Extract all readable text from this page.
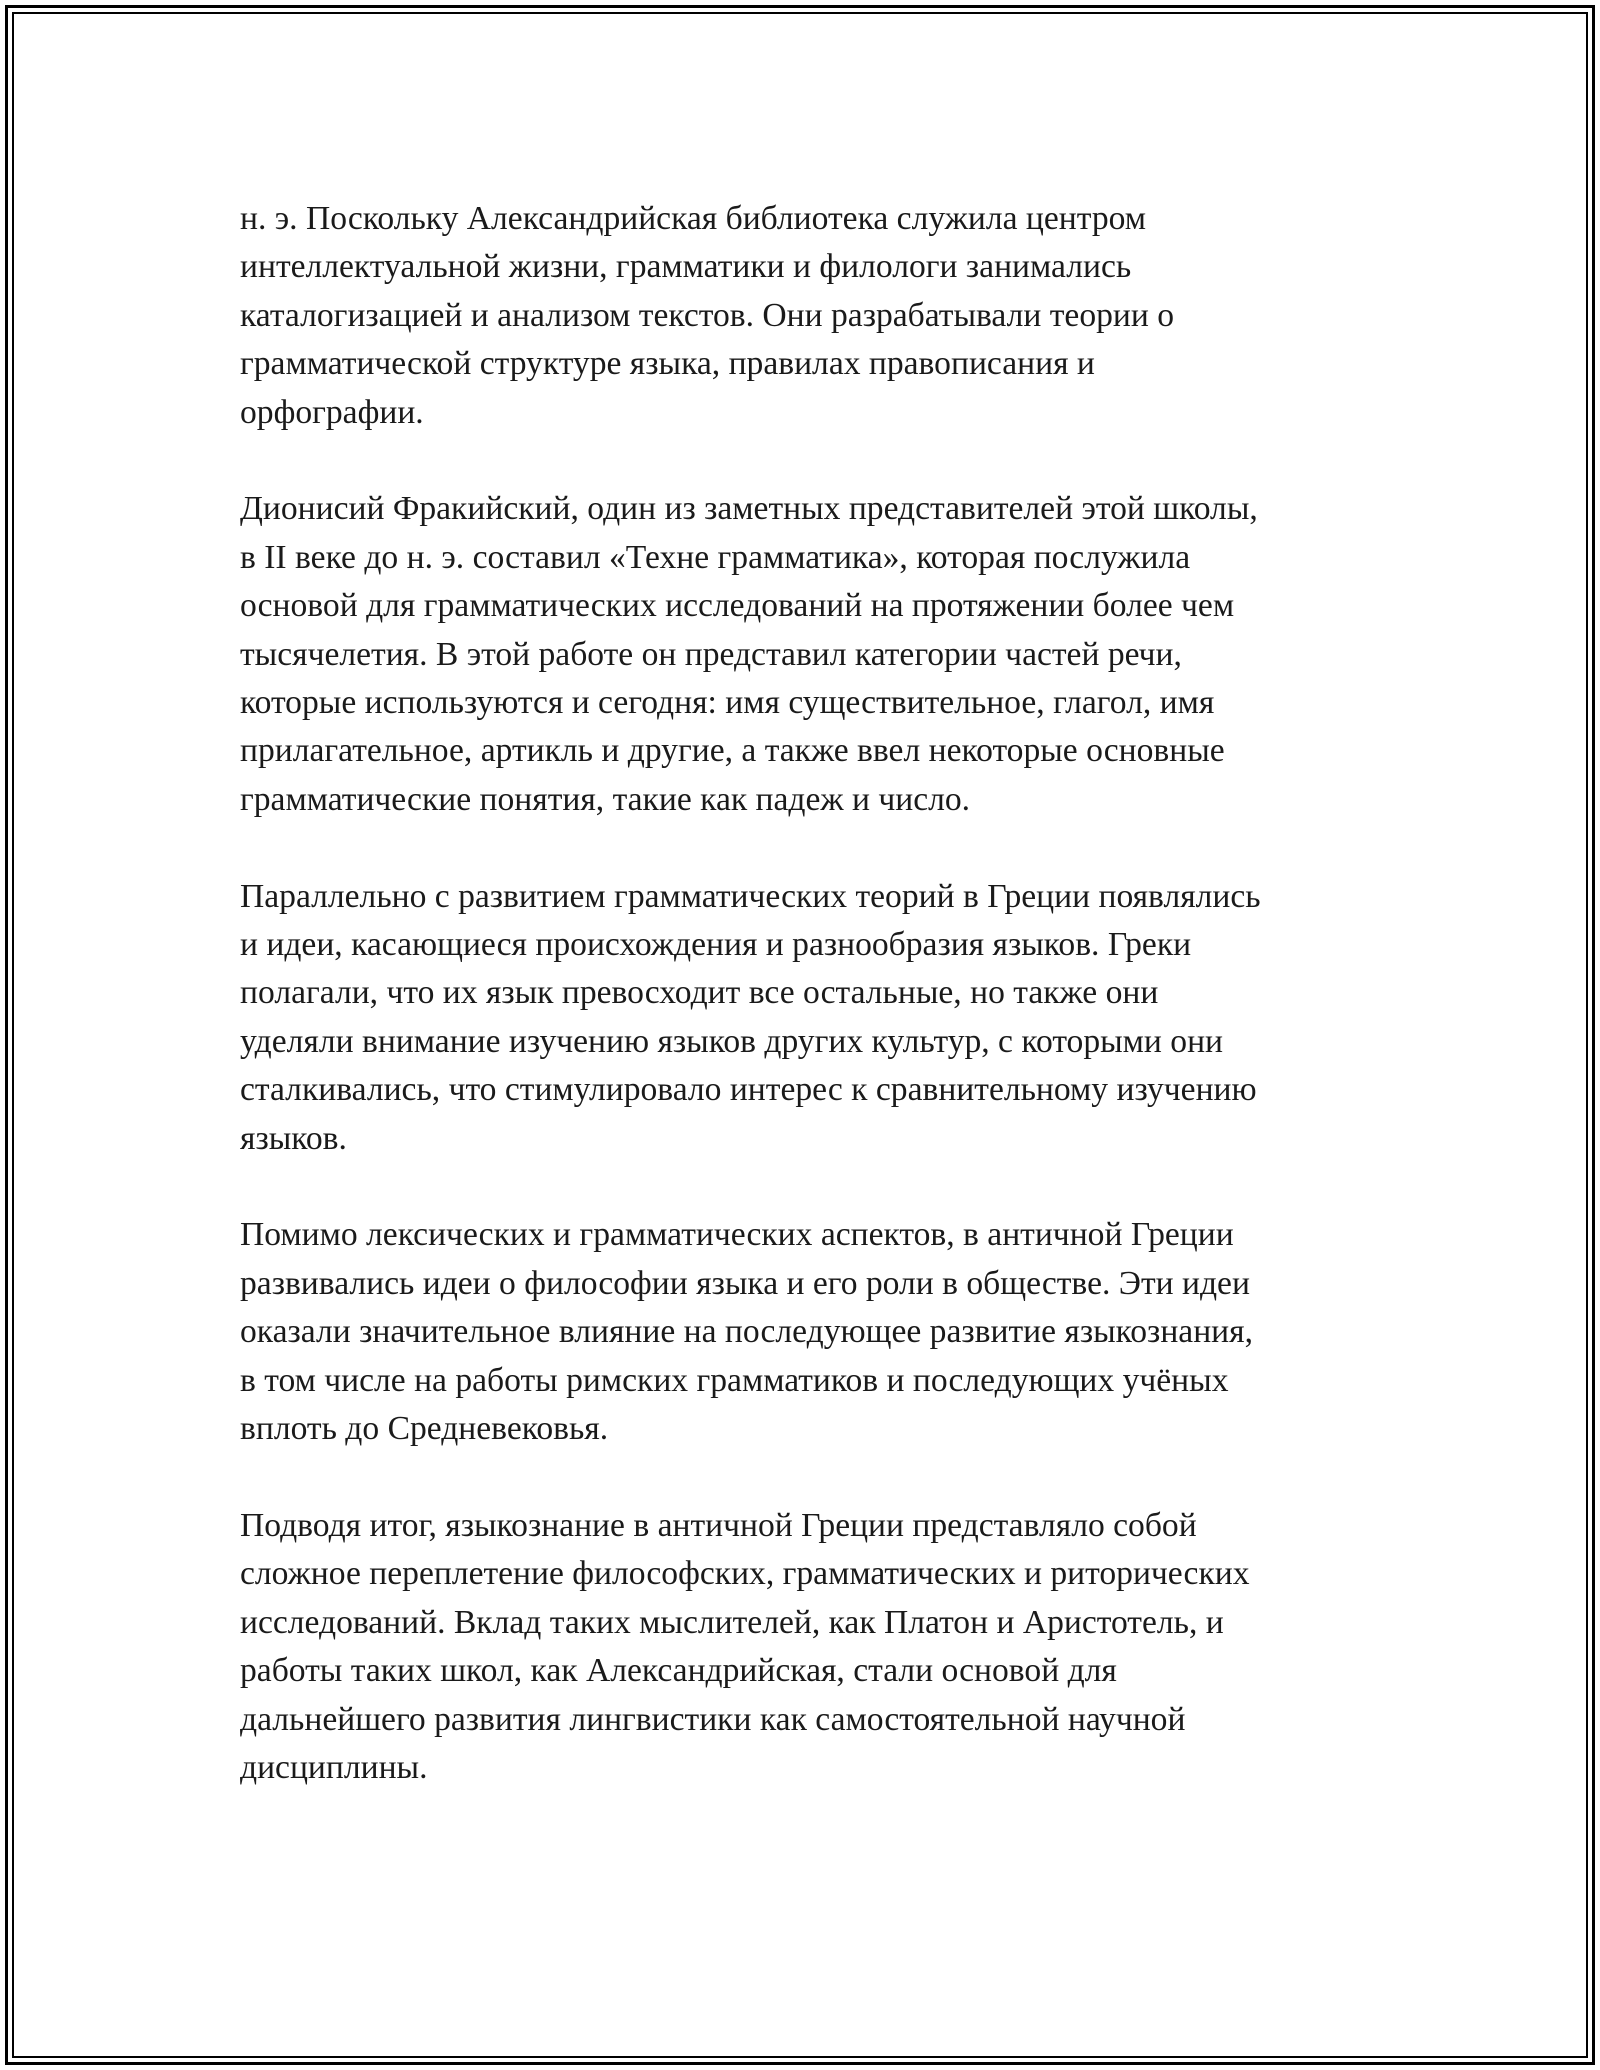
н. э. Поскольку Александрийская библиотека служила центром
интеллектуальной жизни, грамматики и филологи занимались
каталогизацией и анализом текстов. Они разрабатывали теории о
грамматической структуре языка, правилах правописания и
орфографии.

Дионисий Фракийский, один из заметных представителей этой школы,
в II веке до н. э. составил «Техне грамматика», которая послужила
основой для грамматических исследований на протяжении более чем
тысячелетия. В этой работе он представил категории частей речи,
которые используются и сегодня: имя существительное, глагол, имя
прилагательное, артикль и другие, а также ввел некоторые основные
грамматические понятия, такие как падеж и число.

Параллельно с развитием грамматических теорий в Греции появлялись
и идеи, касающиеся происхождения и разнообразия языков. Греки
полагали, что их язык превосходит все остальные, но также они
уделяли внимание изучению языков других культур, с которыми они
сталкивались, что стимулировало интерес к сравнительному изучению
языков.

Помимо лексических и грамматических аспектов, в античной Греции
развивались идеи о философии языка и его роли в обществе. Эти идеи
оказали значительное влияние на последующее развитие языкознания,
в том числе на работы римских грамматиков и последующих учёных
вплоть до Средневековья.

Подводя итог, языкознание в античной Греции представляло собой
сложное переплетение философских, грамматических и риторических
исследований. Вклад таких мыслителей, как Платон и Аристотель, и
работы таких школ, как Александрийская, стали основой для
дальнейшего развития лингвистики как самостоятельной научной
дисциплины.
